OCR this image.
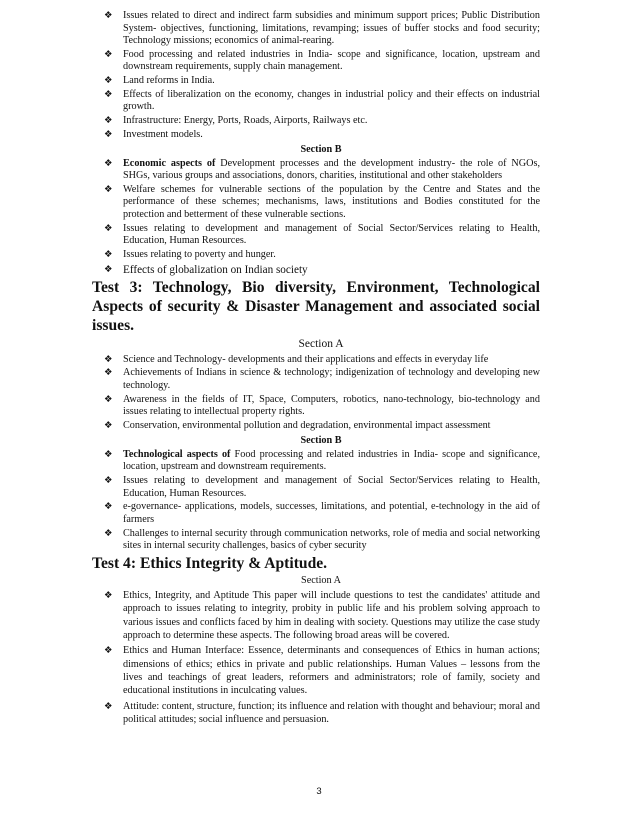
❖ Issues related to direct and indirect farm subsidies and minimum support prices; Public Distribution System- objectives, functioning, limitations, revamping; issues of buffer stocks and food security; Technology missions; economics of animal-rearing.
❖ Food processing and related industries in India- scope and significance, location, upstream and downstream requirements, supply chain management.
❖ Land reforms in India.
❖ Effects of liberalization on the economy, changes in industrial policy and their effects on industrial growth.
❖ Infrastructure: Energy, Ports, Roads, Airports, Railways etc.
❖ Investment models.
Section B
❖ Economic aspects of Development processes and the development industry- the role of NGOs, SHGs, various groups and associations, donors, charities, institutional and other stakeholders
❖ Welfare schemes for vulnerable sections of the population by the Centre and States and the performance of these schemes; mechanisms, laws, institutions and Bodies constituted for the protection and betterment of these vulnerable sections.
❖ Issues relating to development and management of Social Sector/Services relating to Health, Education, Human Resources.
❖ Issues relating to poverty and hunger.
❖ Effects of globalization on Indian society
Test 3: Technology, Bio diversity, Environment, Technological Aspects of security & Disaster Management and associated social issues.
Section A
❖ Science and Technology- developments and their applications and effects in everyday life
❖ Achievements of Indians in science & technology; indigenization of technology and developing new technology.
❖ Awareness in the fields of IT, Space, Computers, robotics, nano-technology, bio-technology and issues relating to intellectual property rights.
❖ Conservation, environmental pollution and degradation, environmental impact assessment
Section B
❖ Technological aspects of Food processing and related industries in India- scope and significance, location, upstream and downstream requirements.
❖ Issues relating to development and management of Social Sector/Services relating to Health, Education, Human Resources.
❖ e-governance- applications, models, successes, limitations, and potential, e-technology in the aid of farmers
❖ Challenges to internal security through communication networks, role of media and social networking sites in internal security challenges, basics of cyber security
Test 4: Ethics Integrity & Aptitude.
Section A
❖ Ethics, Integrity, and Aptitude This paper will include questions to test the candidates' attitude and approach to issues relating to integrity, probity in public life and his problem solving approach to various issues and conflicts faced by him in dealing with society. Questions may utilize the case study approach to determine these aspects. The following broad areas will be covered.
❖ Ethics and Human Interface: Essence, determinants and consequences of Ethics in human actions; dimensions of ethics; ethics in private and public relationships. Human Values – lessons from the lives and teachings of great leaders, reformers and administrators; role of family, society and educational institutions in inculcating values.
❖ Attitude: content, structure, function; its influence and relation with thought and behaviour; moral and political attitudes; social influence and persuasion.
3
